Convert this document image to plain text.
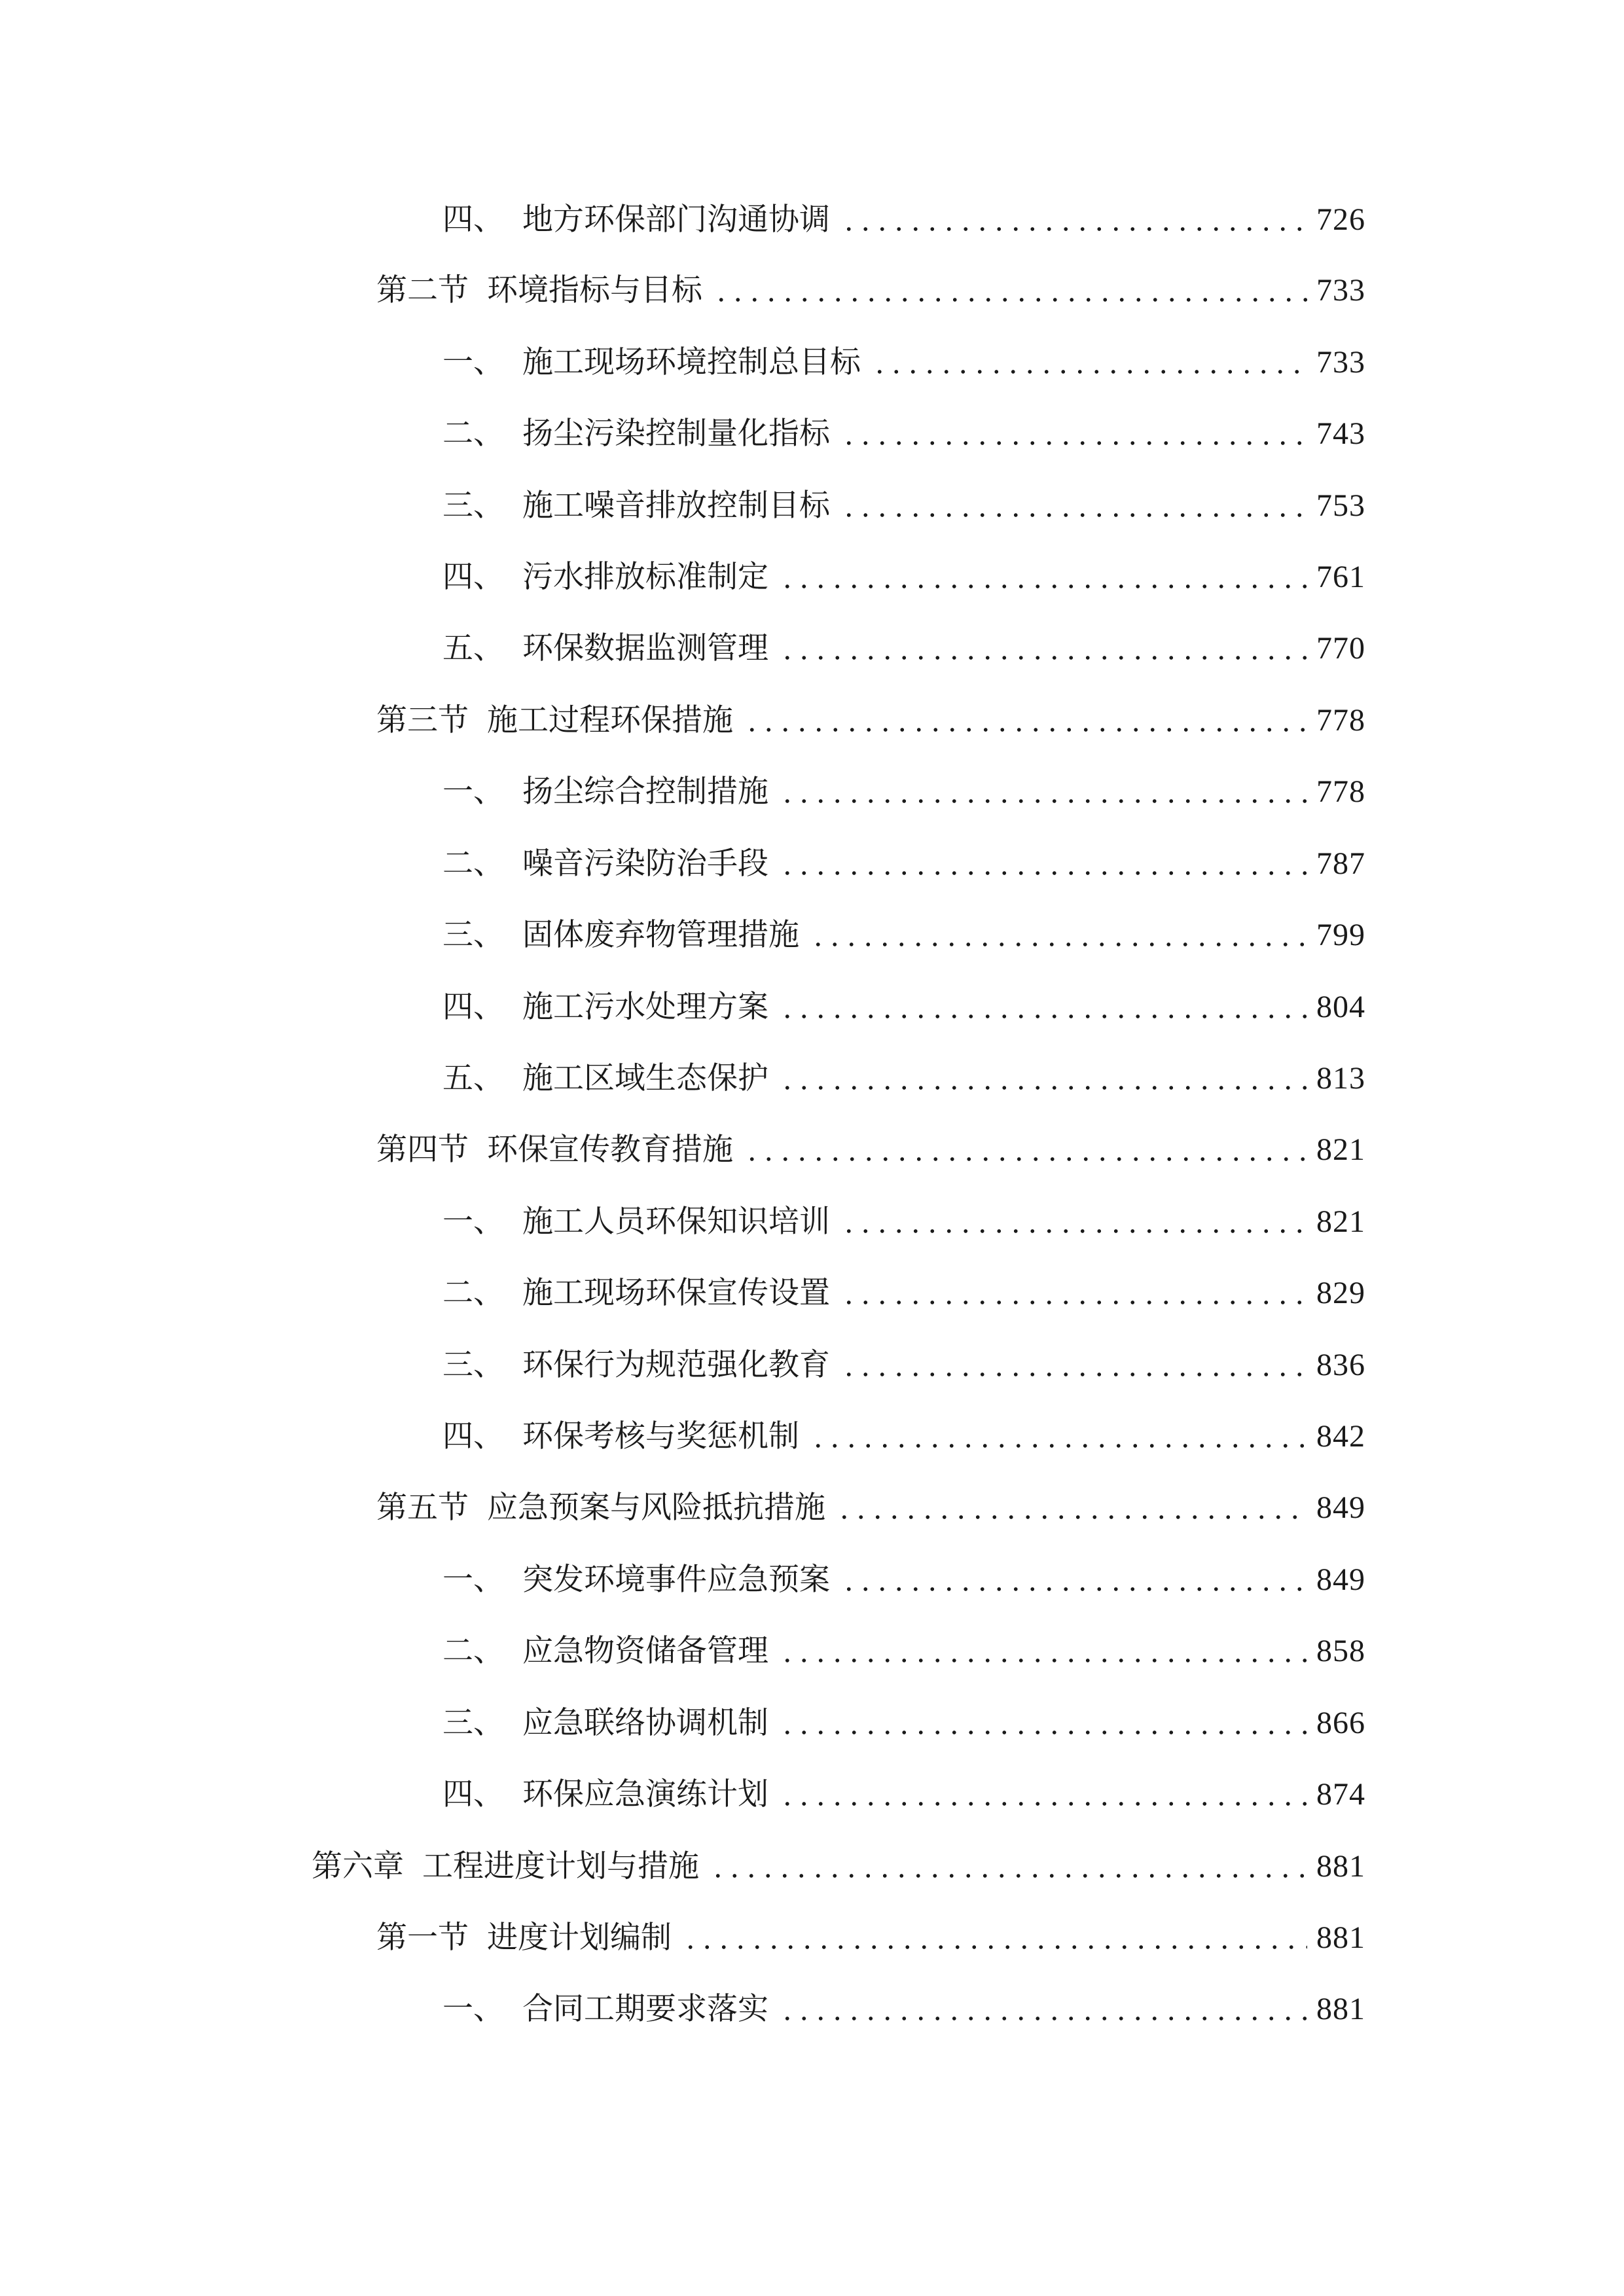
四、 地方环保部门沟通协调	726
第二节 环境指标与目标	733
一、 施工现场环境控制总目标	733
二、 扬尘污染控制量化指标	743
三、 施工噪音排放控制目标	753
四、 污水排放标准制定	761
五、 环保数据监测管理	770
第三节 施工过程环保措施	778
一、 扬尘综合控制措施	778
二、 噪音污染防治手段	787
三、 固体废弃物管理措施	799
四、 施工污水处理方案	804
五、 施工区域生态保护	813
第四节 环保宣传教育措施	821
一、 施工人员环保知识培训	821
二、 施工现场环保宣传设置	829
三、 环保行为规范强化教育	836
四、 环保考核与奖惩机制	842
第五节 应急预案与风险抵抗措施	849
一、 突发环境事件应急预案	849
二、 应急物资储备管理	858
三、 应急联络协调机制	866
四、 环保应急演练计划	874
第六章 工程进度计划与措施	881
第一节 进度计划编制	881
一、 合同工期要求落实	881
